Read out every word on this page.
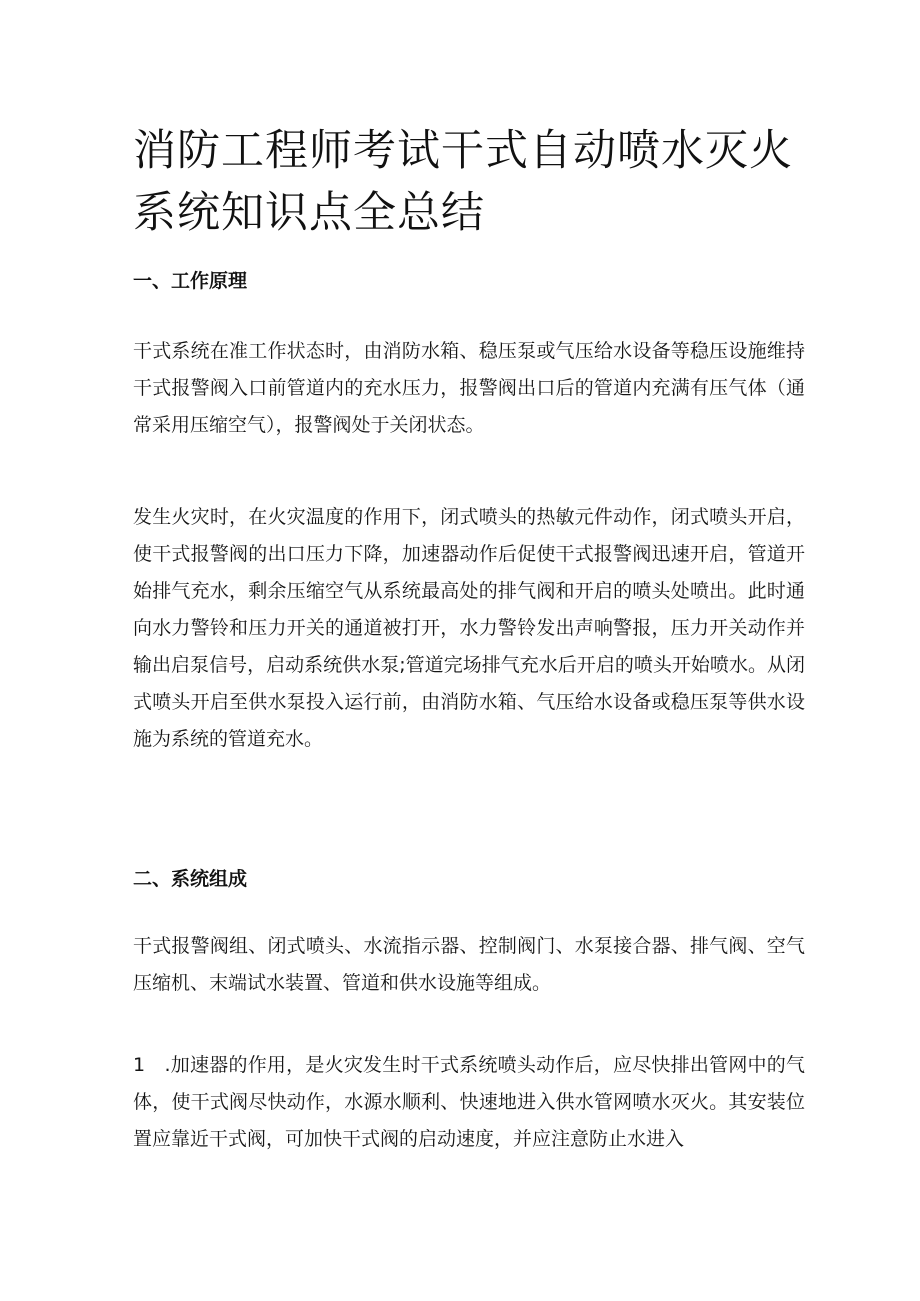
消防工程师考试干式自动喷水灭火系统知识点全总结
一、工作原理

干式系统在准工作状态时，由消防水箱、稳压泵或气压给水设备等稳压设施维持干式报警阀入口前管道内的充水压力，报警阀出口后的管道内充满有压气体（通常采用压缩空气），报警阀处于关闭状态。

发生火灾时，在火灾温度的作用下，闭式喷头的热敏元件动作，闭式喷头开启，使干式报警阀的出口压力下降，加速器动作后促使干式报警阀迅速开启，管道开始排气充水，剩余压缩空气从系统最高处的排气阀和开启的喷头处喷出。此时通向水力警铃和压力开关的通道被打开，水力警铃发出声响警报，压力开关动作并输出启泵信号，启动系统供水泵;管道完场排气充水后开启的喷头开始喷水。从闭式喷头开启至供水泵投入运行前，由消防水箱、气压给水设备或稳压泵等供水设施为系统的管道充水。

二、系统组成

干式报警阀组、闭式喷头、水流指示器、控制阀门、水泵接合器、排气阀、空气压缩机、末端试水装置、管道和供水设施等组成。

1　.加速器的作用，是火灾发生时干式系统喷头动作后，应尽快排出管网中的气体，使干式阀尽快动作，水源水顺利、快速地进入供水管网喷水灭火。其安装位置应靠近干式阀，可加快干式阀的启动速度，并应注意防止水进入
